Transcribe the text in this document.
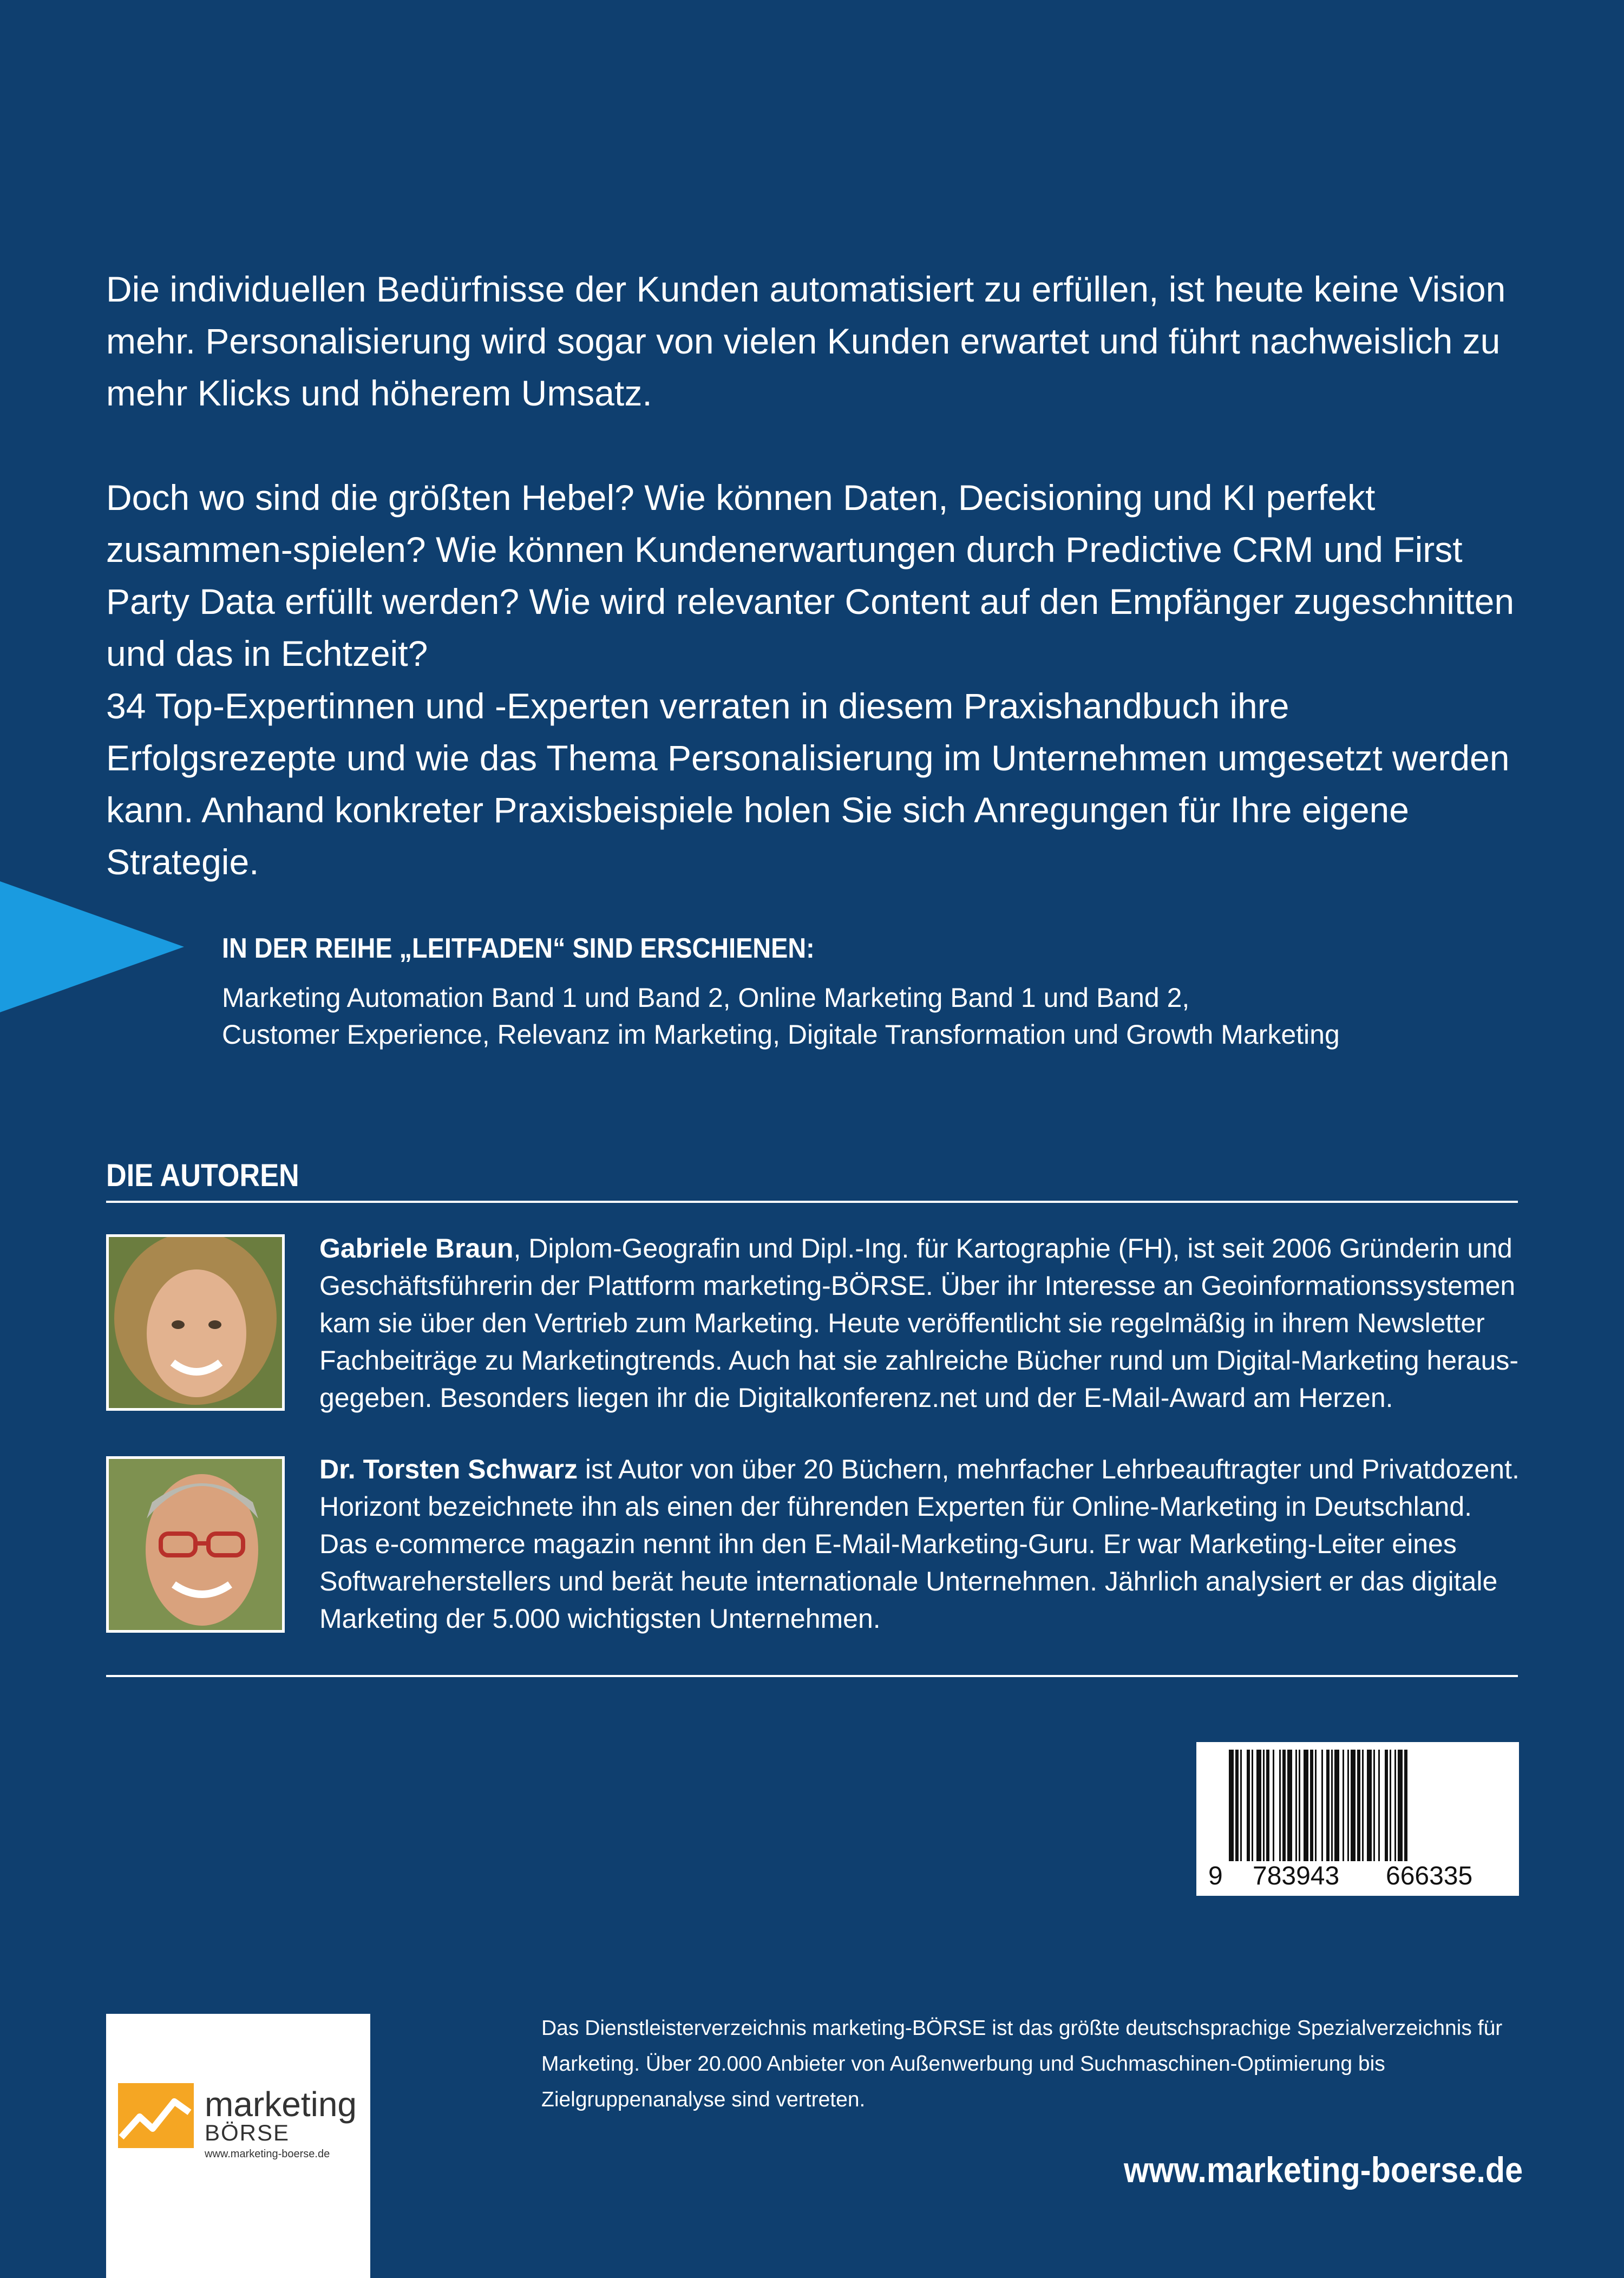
Die individuellen Bedürfnisse der Kunden automatisiert zu erfüllen, ist heute keine Vision mehr. Personalisierung wird sogar von vielen Kunden erwartet und führt nachweislich zu mehr Klicks und höherem Umsatz.

Doch wo sind die größten Hebel? Wie können Daten, Decisioning und KI perfekt zusammen-spielen? Wie können Kundenerwartungen durch Predictive CRM und First Party Data erfüllt werden? Wie wird relevanter Content auf den Empfänger zugeschnitten und das in Echtzeit?

34 Top-Expertinnen und -Experten verraten in diesem Praxishandbuch ihre Erfolgsrezepte und wie das Thema Personalisierung im Unternehmen umgesetzt werden kann. Anhand konkreter Praxisbeispiele holen Sie sich Anregungen für Ihre eigene Strategie.

IN DER REIHE „LEITFADEN“ SIND ERSCHIENEN:
Marketing Automation Band 1 und Band 2, Online Marketing Band 1 und Band 2,
Customer Experience, Relevanz im Marketing, Digitale Transformation und Growth Marketing
DIE AUTOREN

Gabriele Braun, Diplom-Geografin und Dipl.-Ing. für Kartographie (FH), ist seit 2006 Gründerin und Geschäftsführerin der Plattform marketing-BÖRSE. Über ihr Interesse an Geoinformationssystemen kam sie über den Vertrieb zum Marketing. Heute veröffentlicht sie regelmäßig in ihrem Newsletter Fachbeiträge zu Marketingtrends. Auch hat sie zahlreiche Bücher rund um Digital-Marketing heraus-gegeben. Besonders liegen ihr die Digitalkonferenz.net und der E-Mail-Award am Herzen.

Dr. Torsten Schwarz ist Autor von über 20 Büchern, mehrfacher Lehrbeauftragter und Privatdozent. Horizont bezeichnete ihn als einen der führenden Experten für Online-Marketing in Deutschland. Das e-commerce magazin nennt ihn den E-Mail-Marketing-Guru. Er war Marketing-Leiter eines Softwareherstellers und berät heute internationale Unternehmen. Jährlich analysiert er das digitale Marketing der 5.000 wichtigsten Unternehmen.

9 783943 666335
marketing
BÖRSE
www.marketing-boerse.de

Das Dienstleisterverzeichnis marketing-BÖRSE ist das größte deutschsprachige Spezialverzeichnis für Marketing. Über 20.000 Anbieter von Außenwerbung und Suchmaschinen-Optimierung bis Zielgruppenanalyse sind vertreten.

www.marketing-boerse.de
